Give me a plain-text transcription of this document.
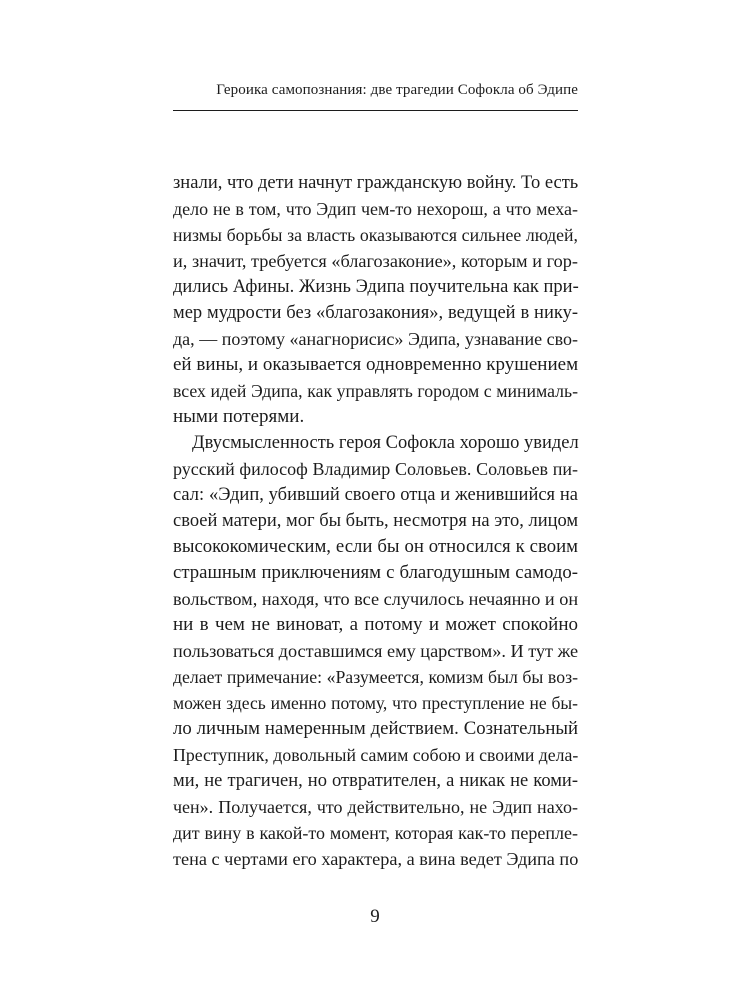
Героика самопознания: две трагедии Софокла об Эдипе
знали, что дети начнут гражданскую войну. То есть
дело не в том, что Эдип чем-то нехорош, а что меха-
низмы борьбы за власть оказываются сильнее людей,
и, значит, требуется «благозаконие», которым и гор-
дились Афины. Жизнь Эдипа поучительна как при-
мер мудрости без «благозакония», ведущей в нику-
да, — поэтому «анагнорисис» Эдипа, узнавание сво-
ей вины, и оказывается одновременно крушением
всех идей Эдипа, как управлять городом с минималь-
ными потерями.
Двусмысленность героя Софокла хорошо увидел
русский философ Владимир Соловьев. Соловьев пи-
сал: «Эдип, убивший своего отца и женившийся на
своей матери, мог бы быть, несмотря на это, лицом
высококомическим, если бы он относился к своим
страшным приключениям с благодушным самодо-
вольством, находя, что все случилось нечаянно и он
ни в чем не виноват, а потому и может спокойно
пользоваться доставшимся ему царством». И тут же
делает примечание: «Разумеется, комизм был бы воз-
можен здесь именно потому, что преступление не бы-
ло личным намеренным действием. Сознательный
Преступник, довольный самим собою и своими дела-
ми, не трагичен, но отвратителен, а никак не коми-
чен». Получается, что действительно, не Эдип нахо-
дит вину в какой-то момент, которая как-то перепле-
тена с чертами его характера, а вина ведет Эдипа по
9
